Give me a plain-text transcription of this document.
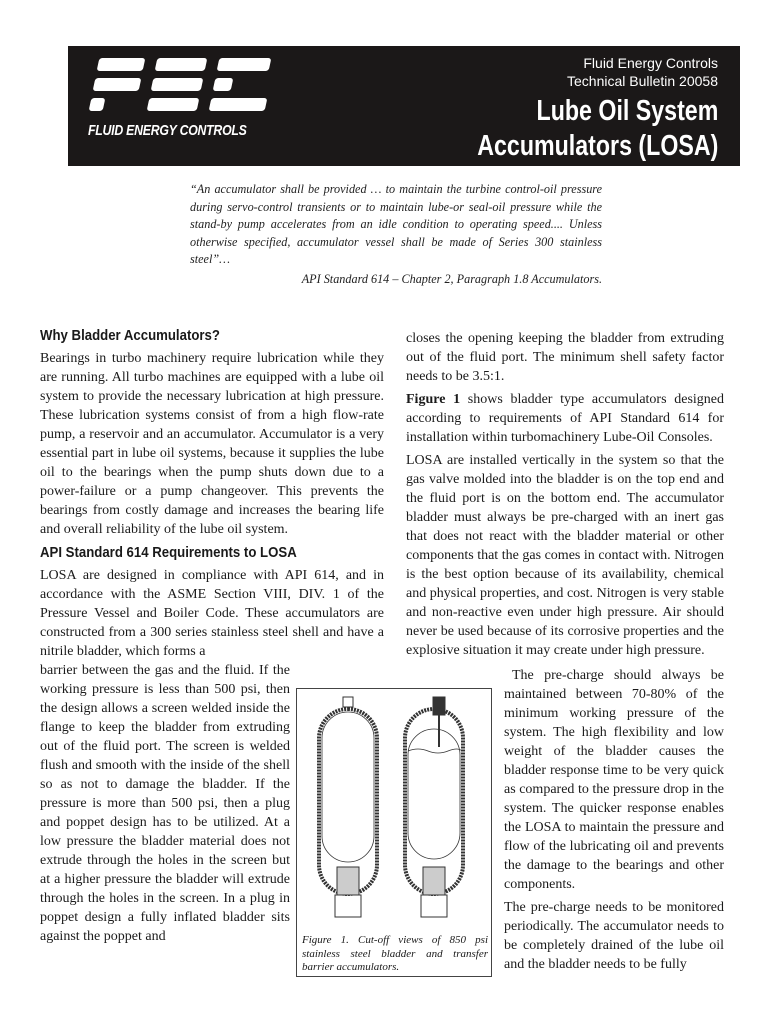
FLUID ENERGY CONTROLS
Fluid Energy Controls
Technical Bulletin 20058
Lube Oil System
Accumulators (LOSA)
“An accumulator shall be provided … to maintain the turbine control-oil pressure during servo-control transients or to maintain lube-or seal-oil pressure while the stand-by pump accelerates from an idle condition to operating speed.... Unless otherwise specified, accumulator vessel shall be made of Series 300 stainless steel”…
API Standard 614 – Chapter 2, Paragraph 1.8 Accumulators.
Why Bladder Accumulators?

Bearings in turbo machinery require lubrication while they are running. All turbo machines are equipped with a lube oil system to provide the necessary lubrication at high pressure. These lubrication systems consist of from a high flow-rate pump, a reservoir and an accumulator. Accumulator is a very essential part in lube oil systems, because it supplies the lube oil to the bearings when the pump shuts down due to a power-failure or a pump changeover. This prevents the bearings from costly damage and increases the bearing life and overall reliability of the lube oil system.

API Standard 614 Requirements to LOSA

LOSA are designed in compliance with API 614, and in accordance with the ASME Section VIII, DIV. 1 of the Pressure Vessel and Boiler Code. These accumulators are constructed from a 300 series stainless steel shell and have a nitrile bladder, which forms a

barrier between the gas and the fluid. If the working pressure is less than 500 psi, then the design allows a screen welded inside the flange to keep the bladder from extruding out of the fluid port. The screen is welded flush and smooth with the inside of the shell so as not to damage the bladder. If the pressure is more than 500 psi, then a plug and poppet design has to be utilized. At a low pressure the bladder material does not extrude through the holes in the screen but at a higher pressure the bladder will extrude through the holes in the screen. In a plug in poppet design a fully inflated bladder sits against the poppet and

closes the opening keeping the bladder from extruding out of the fluid port. The minimum shell safety factor needs to be 3.5:1.

Figure 1 shows bladder type accumulators designed according to requirements of API Standard 614 for installation within turbomachinery Lube-Oil Consoles.

LOSA are installed vertically in the system so that the gas valve molded into the bladder is on the top end and the fluid port is on the bottom end. The accumulator bladder must always be pre-charged with an inert gas that does not react with the bladder material or other components that the gas comes in contact with. Nitrogen is the best option because of its availability, chemical and physical properties, and cost. Nitrogen is very stable and non-reactive even under high pressure. Air should never be used because of its corrosive properties and the explosive situation it may create under high pressure.

The pre-charge should always be maintained between 70-80% of the minimum working pressure of the system. The high flexibility and low weight of the bladder causes the bladder response time to be very quick as compared to the pressure drop in the system. The quicker response enables the LOSA to maintain the pressure and flow of the lubricating oil and prevents the damage to the bearings and other components.

The pre-charge needs to be monitored periodically. The accumulator needs to be completely drained of the lube oil and the bladder needs to be fully

Figure 1. Cut-off views of 850 psi stainless steel bladder and transfer barrier accumulators.
